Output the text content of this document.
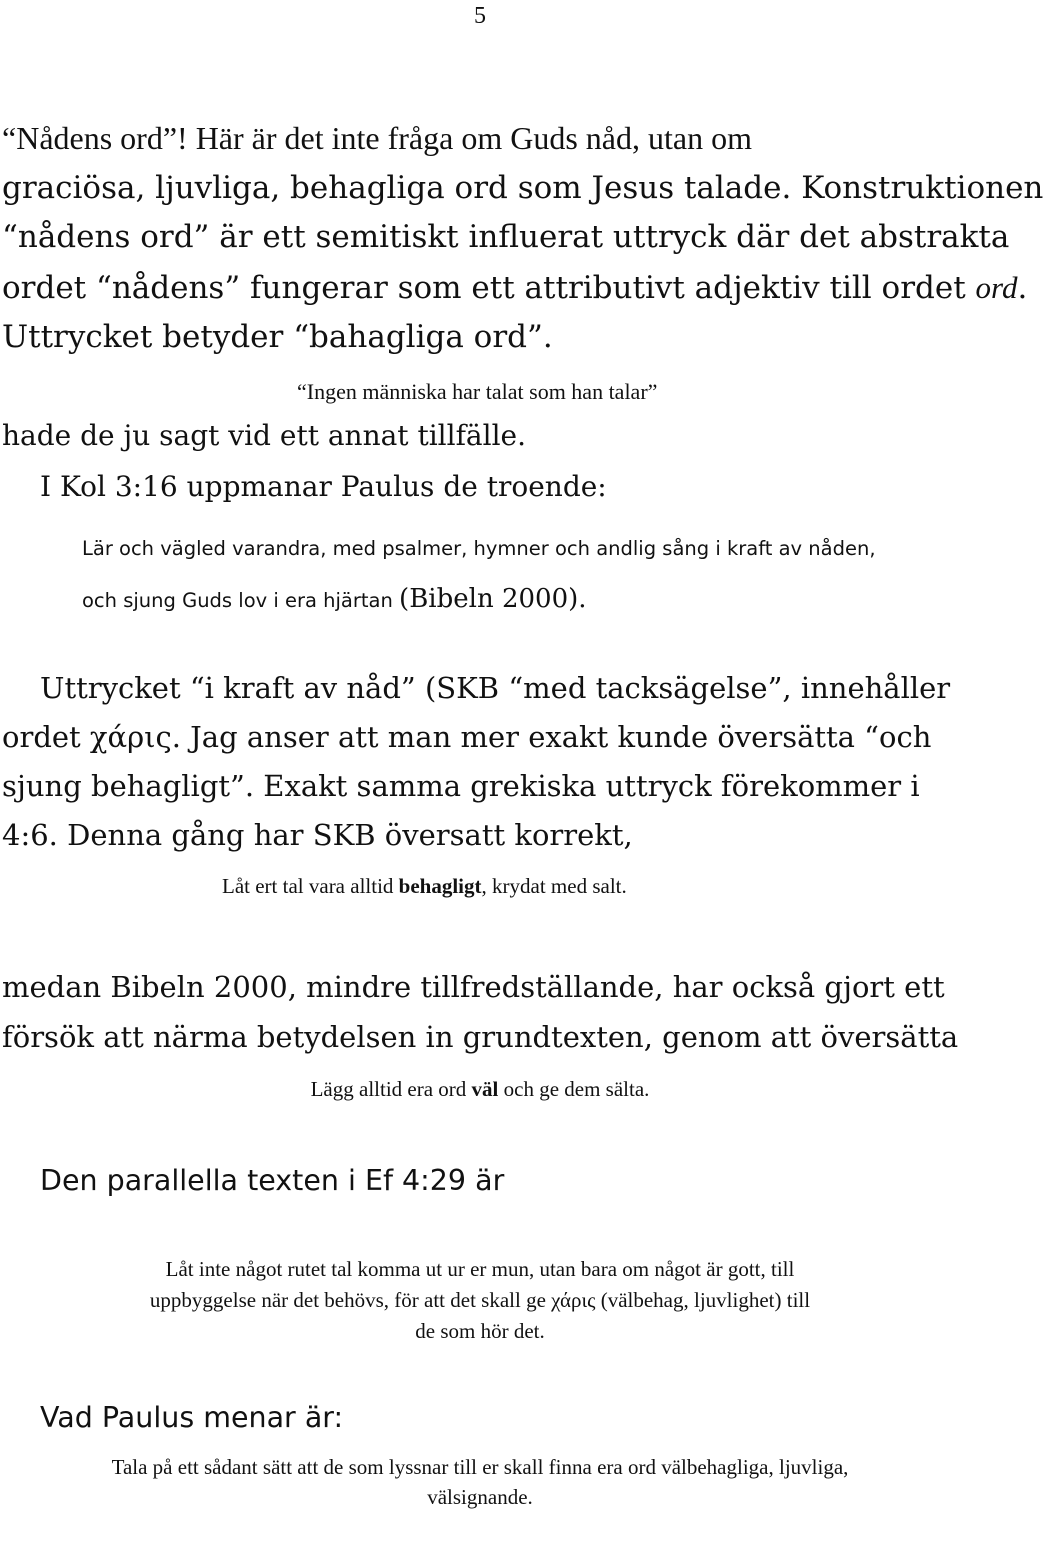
5
“Nådens ord”! Här är det inte fråga om Guds nåd, utan om
graciösa, ljuvliga, behagliga ord som Jesus talade. Konstruktionen
“nådens ord” är ett semitiskt influerat uttryck där det abstrakta
ordet “nådens” fungerar som ett attributivt adjektiv till ordet ord.
Uttrycket betyder “bahagliga ord”.
“Ingen människa har talat som han talar”
hade de ju sagt vid ett annat tillfälle.
I Kol 3:16 uppmanar Paulus de troende:
Lär och vägled varandra, med psalmer, hymner och andlig sång i kraft av nåden,
och sjung Guds lov i era hjärtan (Bibeln 2000).
Uttrycket “i kraft av nåd” (SKB “med tacksägelse”, innehåller
ordet χάρις. Jag anser att man mer exakt kunde översätta “och
sjung behagligt”. Exakt samma grekiska uttryck förekommer i
4:6. Denna gång har SKB översatt korrekt,
Låt ert tal vara alltid behagligt, krydat med salt.
medan Bibeln 2000, mindre tillfredställande, har också gjort ett
försök att närma betydelsen in grundtexten, genom att översätta
Lägg alltid era ord väl och ge dem sälta.
Den parallella texten i Ef 4:29 är
Låt inte något rutet tal komma ut ur er mun, utan bara om något är gott, till
uppbyggelse när det behövs, för att det skall ge χάρις (välbehag, ljuvlighet) till
de som hör det.
Vad Paulus menar är:
Tala på ett sådant sätt att de som lyssnar till er skall finna era ord välbehagliga, ljuvliga,
välsignande.
